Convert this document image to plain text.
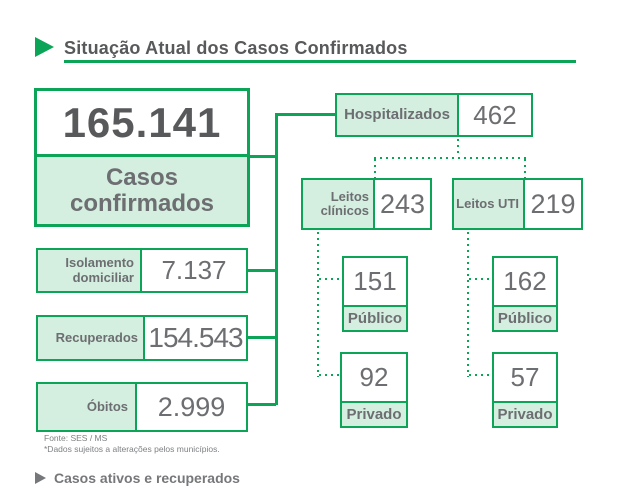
Situação Atual dos Casos Confirmados
165.141
Casos confirmados
Isolamento domiciliar	7.137
Recuperados 154.543
Óbitos	2.999
Hospitalizados 462
Leitos clínicos 243	Leitos UTI 219
151
Público
92
Privado
162
Público
57
Privado
Fonte: SES / MS
*Dados sujeitos a alterações pelos municípios.
Casos ativos e recuperados
